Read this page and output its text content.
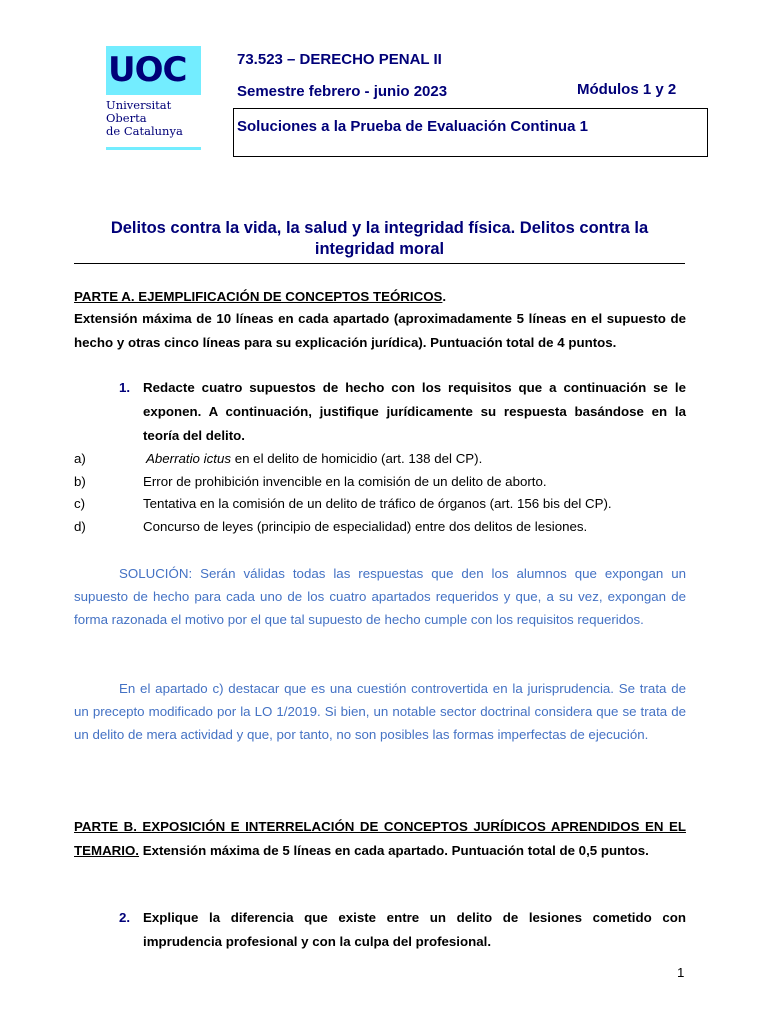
UOC
Universitat
Oberta
de Catalunya
73.523 – DERECHO PENAL II
Semestre febrero - junio 2023	Módulos 1 y 2
Soluciones a la Prueba de Evaluación Continua 1
Delitos contra la vida, la salud y la integridad física. Delitos contra la integridad moral
PARTE A. EJEMPLIFICACIÓN DE CONCEPTOS TEÓRICOS.
Extensión máxima de 10 líneas en cada apartado (aproximadamente 5 líneas en el supuesto de hecho y otras cinco líneas para su explicación jurídica). Puntuación total de 4 puntos.
1. Redacte cuatro supuestos de hecho con los requisitos que a continuación se le exponen. A continuación, justifique jurídicamente su respuesta basándose en la teoría del delito.
a)	Aberratio ictus en el delito de homicidio (art. 138 del CP).
b)	Error de prohibición invencible en la comisión de un delito de aborto.
c)	Tentativa en la comisión de un delito de tráfico de órganos (art. 156 bis del CP).
d)	Concurso de leyes (principio de especialidad) entre dos delitos de lesiones.
SOLUCIÓN: Serán válidas todas las respuestas que den los alumnos que expongan un supuesto de hecho para cada uno de los cuatro apartados requeridos y que, a su vez, expongan de forma razonada el motivo por el que tal supuesto de hecho cumple con los requisitos requeridos.
En el apartado c) destacar que es una cuestión controvertida en la jurisprudencia. Se trata de un precepto modificado por la LO 1/2019. Si bien, un notable sector doctrinal considera que se trata de un delito de mera actividad y que, por tanto, no son posibles las formas imperfectas de ejecución.
PARTE B. EXPOSICIÓN E INTERRELACIÓN DE CONCEPTOS JURÍDICOS APRENDIDOS EN EL TEMARIO. Extensión máxima de 5 líneas en cada apartado. Puntuación total de 0,5 puntos.
2. Explique la diferencia que existe entre un delito de lesiones cometido con imprudencia profesional y con la culpa del profesional.
1
